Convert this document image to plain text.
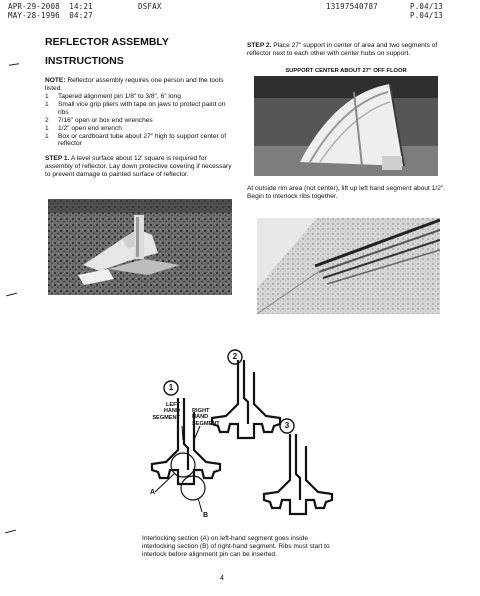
APR-29-2008  14:21	DSFAX	13197540787	P.04/13
MAY-28-1996  04:27	P.04/13
REFLECTOR ASSEMBLY
INSTRUCTIONS
NOTE: Reflector assembly requires one person and the tools listed.
1	Tapered alignment pin 1/8" to 3/8", 6" long
1	Small vice grip pliers with tape on jaws to protect paint on ribs
2	7/16" open or box end wrenches
1	1/2" open end wrench
1	Box or cardboard tube about 27" high to support center of reflector
STEP 1. A level surface about 12' square is required for assembly of reflector. Lay down protective covering if necessary to prevent damage to painted surface of reflector.
STEP 2. Place 27" support in center of area and two segments of reflector next to each other with center hubs on support.
SUPPORT CENTER ABOUT 27" OFF FLOOR
At outside rim area (not center), lift up left hand segment about 1/2". Begin to interlock ribs together.
1
2
3
LEFT HAND SEGMENT
RIGHT HAND SEGMENT
A
B
Interlocking section (A) on left-hand segment goes inside interlocking section (B) of right-hand segment. Ribs must start to interlock before alignment pin can be inserted.
4
